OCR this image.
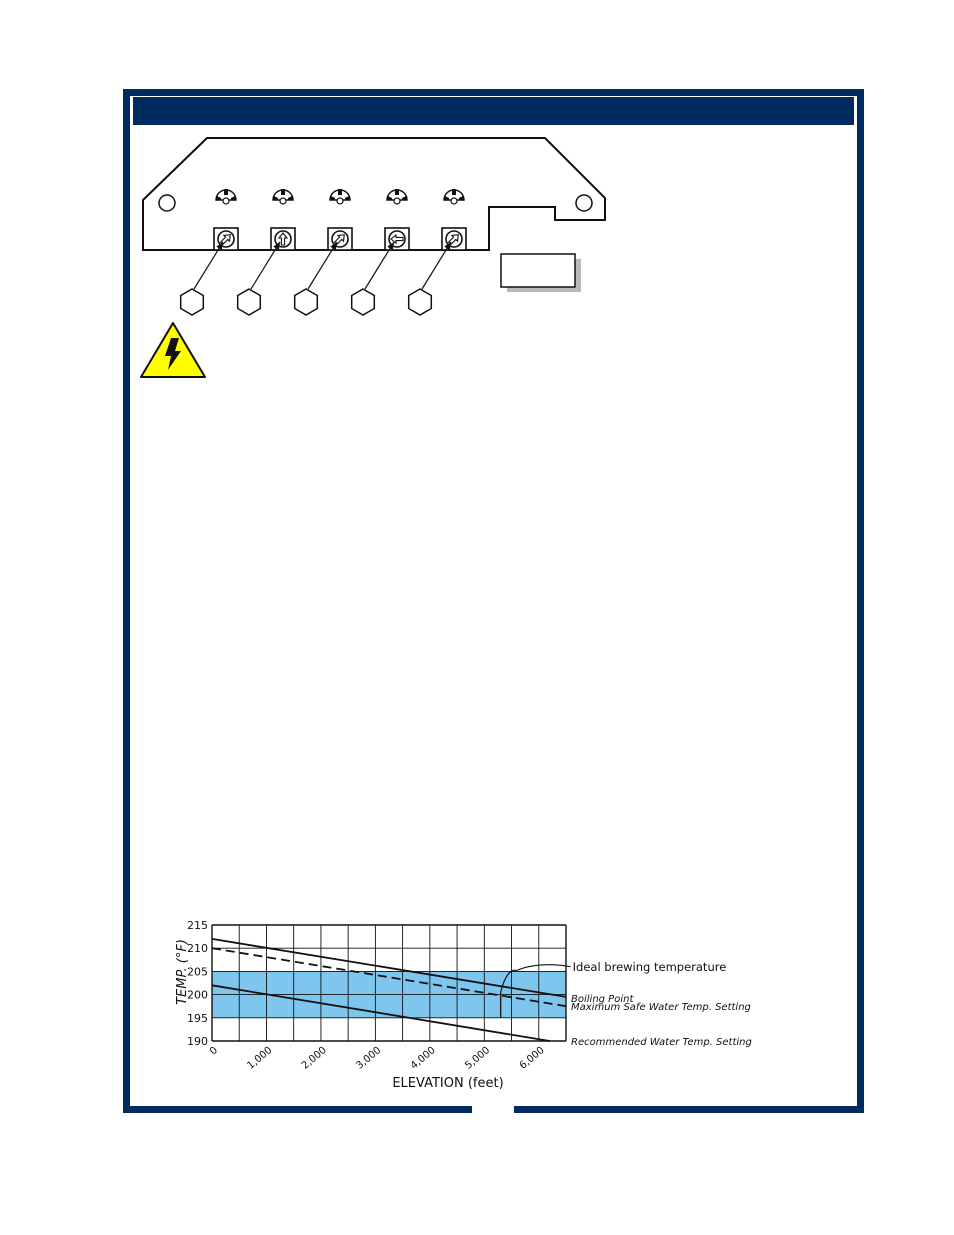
190
195
200
205
210
215
0	1,000	2,000	3,000	4,000	5,000	6,000
Boiling Point
Maximum Safe Water Temp. Setting
Recommended Water Temp. Setting
Ideal brewing temperature
ELEVATION (feet)
TEMP. (°F)
